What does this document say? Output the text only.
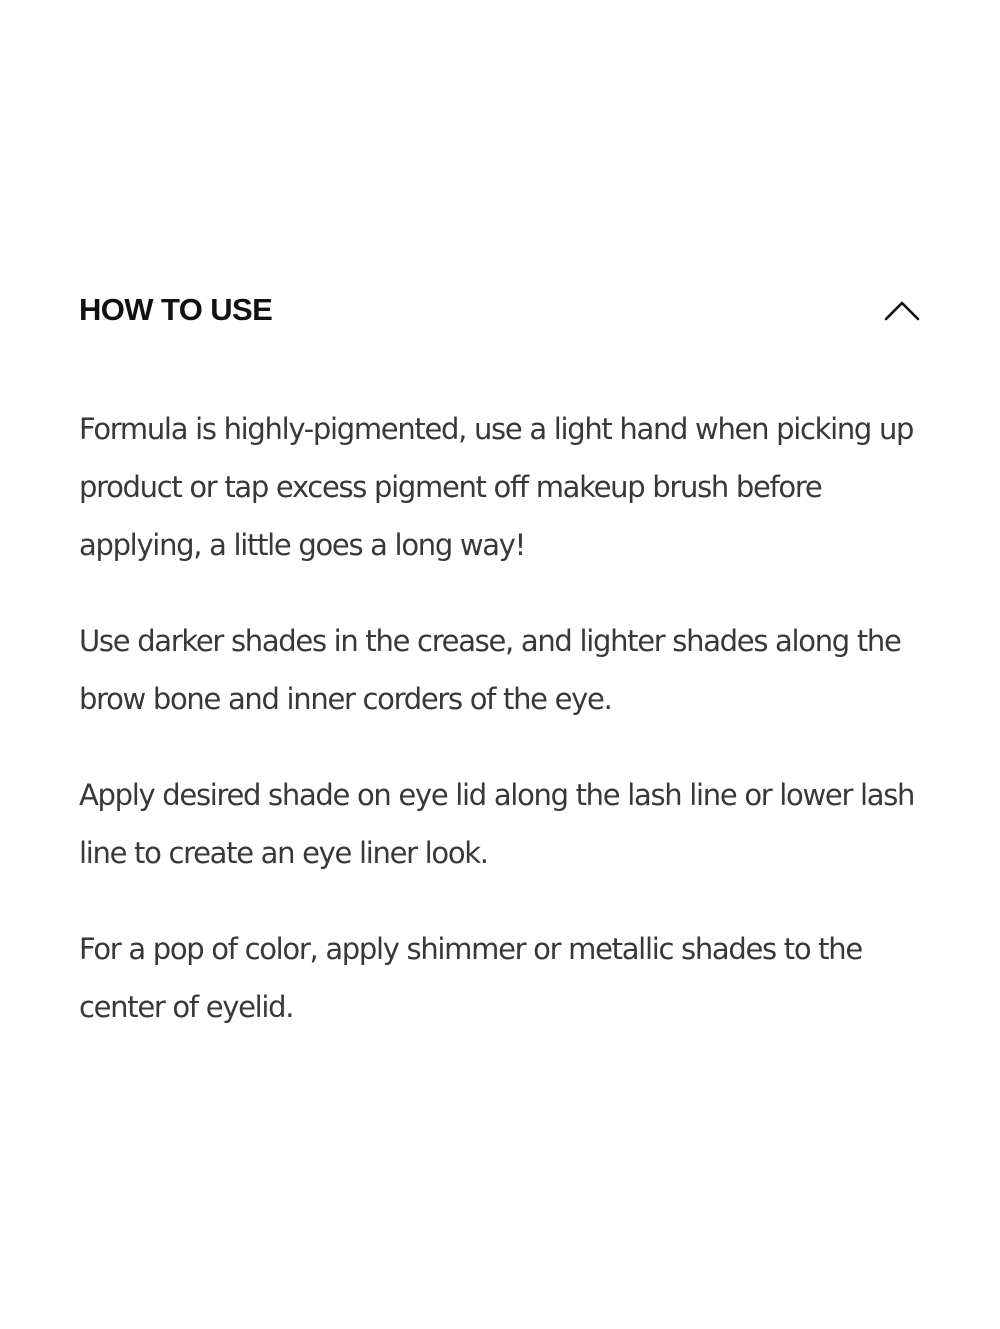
HOW TO USE

Formula is highly-pigmented, use a light hand when picking up product or tap excess pigment off makeup brush before applying, a little goes a long way!

Use darker shades in the crease, and lighter shades along the brow bone and inner corders of the eye.

Apply desired shade on eye lid along the lash line or lower lash line to create an eye liner look.

For a pop of color, apply shimmer or metallic shades to the center of eyelid.
